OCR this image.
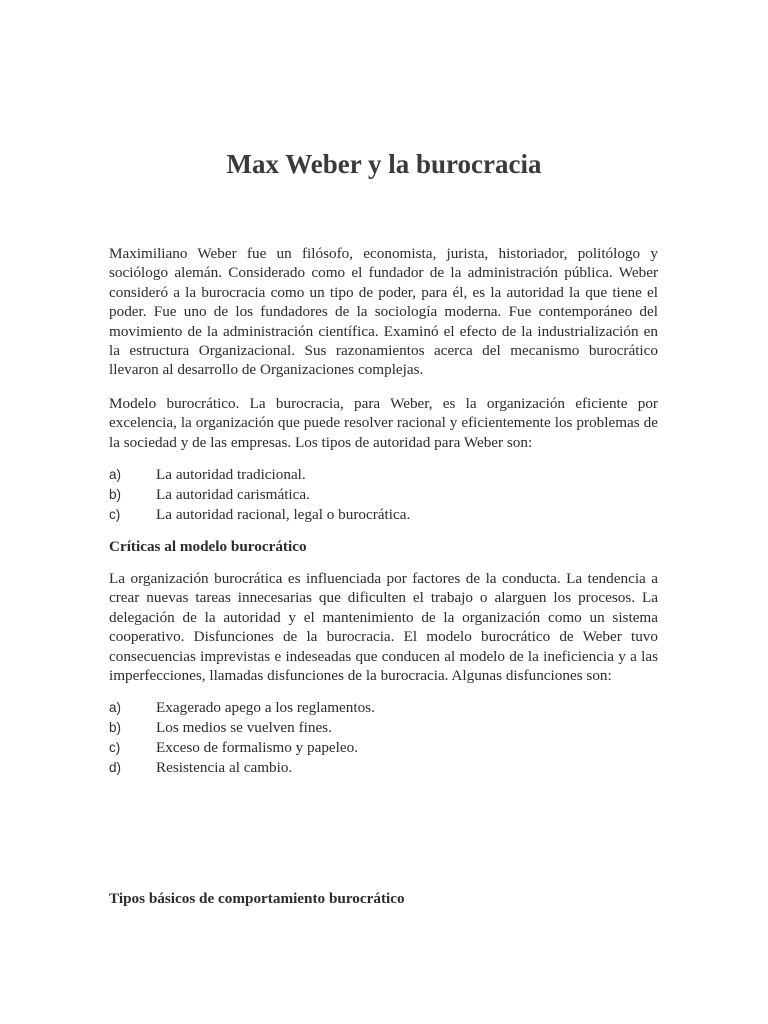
Max Weber y la burocracia

Maximiliano Weber fue un filósofo, economista, jurista, historiador, politólogo y sociólogo alemán. Considerado como el fundador de la administración pública. Weber consideró a la burocracia como un tipo de poder, para él, es la autoridad la que tiene el poder. Fue uno de los fundadores de la sociología moderna. Fue contemporáneo del movimiento de la administración científica. Examinó el efecto de la industrialización en la estructura Organizacional. Sus razonamientos acerca del mecanismo burocrático llevaron al desarrollo de Organizaciones complejas.

Modelo burocrático. La burocracia, para Weber, es la organización eficiente por excelencia, la organización que puede resolver racional y eficientemente los problemas de la sociedad y de las empresas. Los tipos de autoridad para Weber son:

a)	La autoridad tradicional.
b)	La autoridad carismática.
c)	La autoridad racional, legal o burocrática.
Críticas al modelo burocrático

La organización burocrática es influenciada por factores de la conducta. La tendencia a crear nuevas tareas innecesarias que dificulten el trabajo o alarguen los procesos. La delegación de la autoridad y el mantenimiento de la organización como un sistema cooperativo. Disfunciones de la burocracia. El modelo burocrático de Weber tuvo consecuencias imprevistas e indeseadas que conducen al modelo de la ineficiencia y a las imperfecciones, llamadas disfunciones de la burocracia. Algunas disfunciones son:

a)	Exagerado apego a los reglamentos.
b)	Los medios se vuelven fines.
c)	Exceso de formalismo y papeleo.
d)	Resistencia al cambio.
Tipos básicos de comportamiento burocrático
